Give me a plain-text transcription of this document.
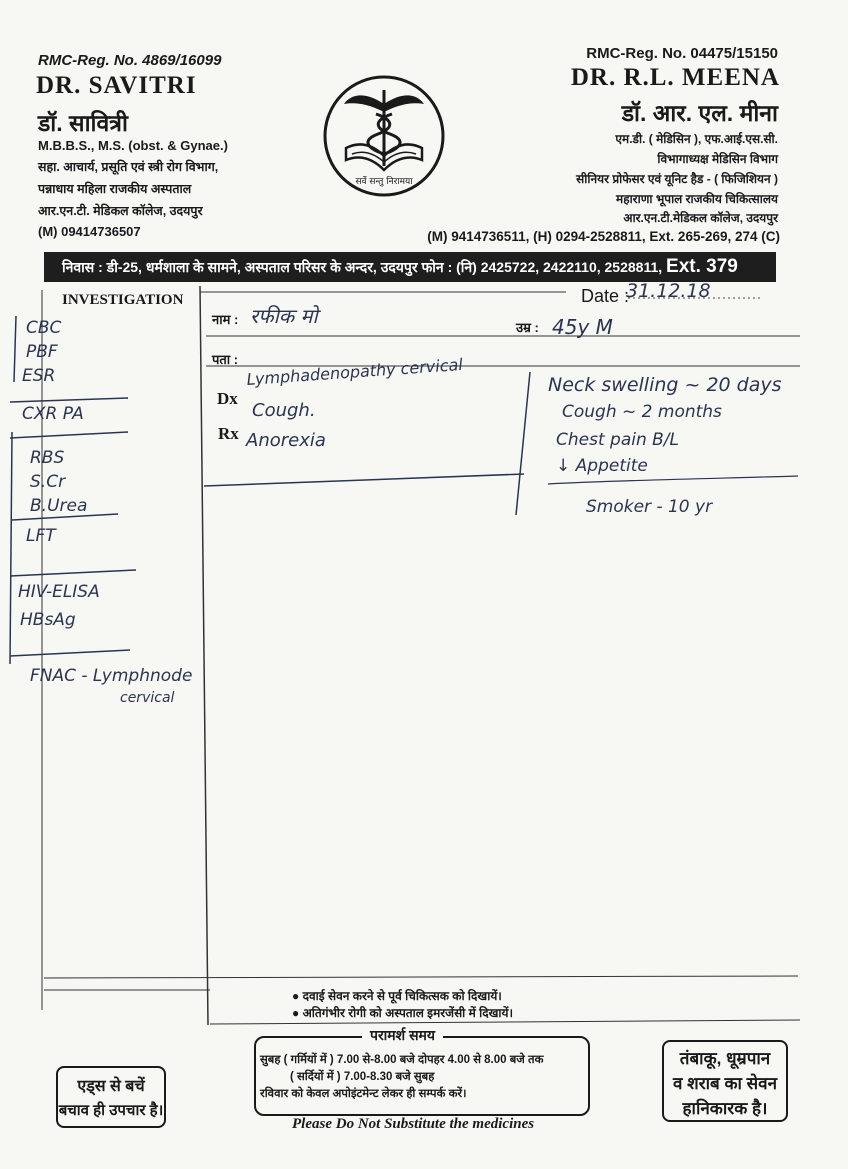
RMC-Reg. No. 4869/16099
DR. SAVITRI
डॉ. सावित्री
M.B.B.S., M.S. (obst. & Gynae.)
सहा. आचार्य, प्रसूति एवं स्त्री रोग विभाग,
पन्नाधाय महिला राजकीय अस्पताल
आर.एन.टी. मेडिकल कॉलेज, उदयपुर
(M) 09414736507
सर्वे सन्तु निरामया
RMC-Reg. No. 04475/15150
DR. R.L. MEENA
डॉ. आर. एल. मीना
एम.डी. ( मेडिसिन ), एफ.आई.एस.सी.
विभागाध्यक्ष मेडिसिन विभाग
सीनियर प्रोफेसर एवं यूनिट हैड - ( फिजिशियन )
महाराणा भूपाल राजकीय चिकित्सालय
आर.एन.टी.मेडिकल कॉलेज, उदयपुर
(M) 9414736511, (H) 0294-2528811, Ext. 265-269, 274 (C)
निवास : डी-25, धर्मशाला के सामने, अस्पताल परिसर के अन्दर, उदयपुर फोन : (नि) 2425722, 2422110, 2528811, Ext. 379
INVESTIGATION	Date :
नाम :
उम्र :
पता :
Dx
Rx
31.12.18
रफीक मो	45y M
Lymphadenopathy cervical
Cough.
Anorexia
Neck swelling ~ 20 days
Cough ~ 2 months
Chest pain B/L
↓ Appetite
Smoker - 10 yr
CBC
PBF
ESR
CXR PA
RBS
S.Cr
B.Urea
LFT
HIV-ELISA
HBsAg
FNAC - Lymphnode
cervical
● दवाई सेवन करने से पूर्व चिकित्सक को दिखायें।
● अतिगंभीर रोगी को अस्पताल इमरजेंसी में दिखायें।
परामर्श समय
सुबह ( गर्मियों में ) 7.00 से-8.00 बजे दोपहर 4.00 से 8.00 बजे तक
( सर्दियों में ) 7.00-8.30 बजे सुबह
रविवार को केवल अपोइंटमेन्ट लेकर ही सम्पर्क करें।
Please Do Not Substitute the medicines
एड्स से बचें
बचाव ही उपचार है।
तंबाकू, धूम्रपान
व शराब का सेवन
हानिकारक है।
